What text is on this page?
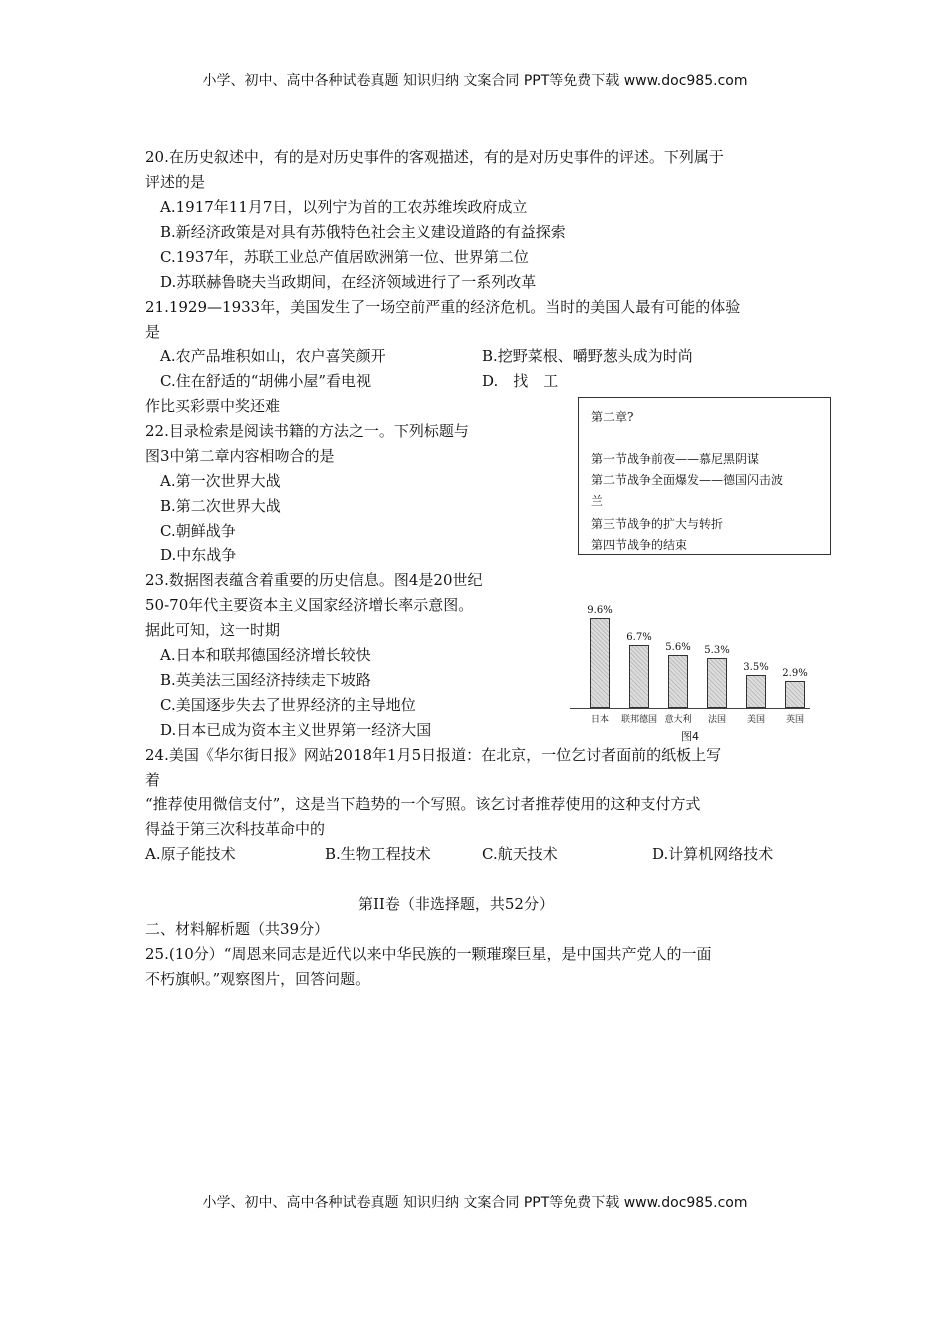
小学、初中、高中各种试卷真题 知识归纳 文案合同 PPT等免费下载 www.doc985.com
20.在历史叙述中，有的是对历史事件的客观描述，有的是对历史事件的评述。下列属于
评述的是
A.1917年11月7日，以列宁为首的工农苏维埃政府成立
B.新经济政策是对具有苏俄特色社会主义建设道路的有益探索
C.1937年，苏联工业总产值居欧洲第一位、世界第二位
D.苏联赫鲁晓夫当政期间，在经济领域进行了一系列改革
21.1929—1933年，美国发生了一场空前严重的经济危机。当时的美国人最有可能的体验
是
A.农产品堆积如山，农户喜笑颜开	B.挖野菜根、嚼野葱头成为时尚
C.住在舒适的“胡佛小屋”看电视	D.　找　工
作比买彩票中奖还难
22.目录检索是阅读书籍的方法之一。下列标题与
图3中第二章内容相吻合的是
A.第一次世界大战
B.第二次世界大战
C.朝鲜战争
D.中东战争
23.数据图表蕴含着重要的历史信息。图4是20世纪
50-70年代主要资本主义国家经济增长率示意图。
据此可知，这一时期
A.日本和联邦德国经济增长较快
B.英美法三国经济持续走下坡路
C.美国逐步失去了世界经济的主导地位
D.日本已成为资本主义世界第一经济大国
24.美国《华尔街日报》网站2018年1月5日报道：在北京，一位乞讨者面前的纸板上写
着
“推荐使用微信支付”，这是当下趋势的一个写照。该乞讨者推荐使用的这种支付方式
得益于第三次科技革命中的
A.原子能技术	B.生物工程技术	C.航天技术	D.计算机网络技术
第II卷（非选择题，共52分）
二、材料解析题（共39分）
25.(10分）“周恩来同志是近代以来中华民族的一颗璀璨巨星，是中国共产党人的一面
不朽旗帜。”观察图片，回答问题。
第二章?
第一节战争前夜——慕尼黑阴谋
第二节战争全面爆发——德国闪击波
兰
第三节战争的扩大与转折
第四节战争的结束
图4
9.6%
日本
6.7%
联邦德国
5.6%
意大利
5.3%
法国
3.5%
美国
2.9%
英国
小学、初中、高中各种试卷真题 知识归纳 文案合同 PPT等免费下载 www.doc985.com
